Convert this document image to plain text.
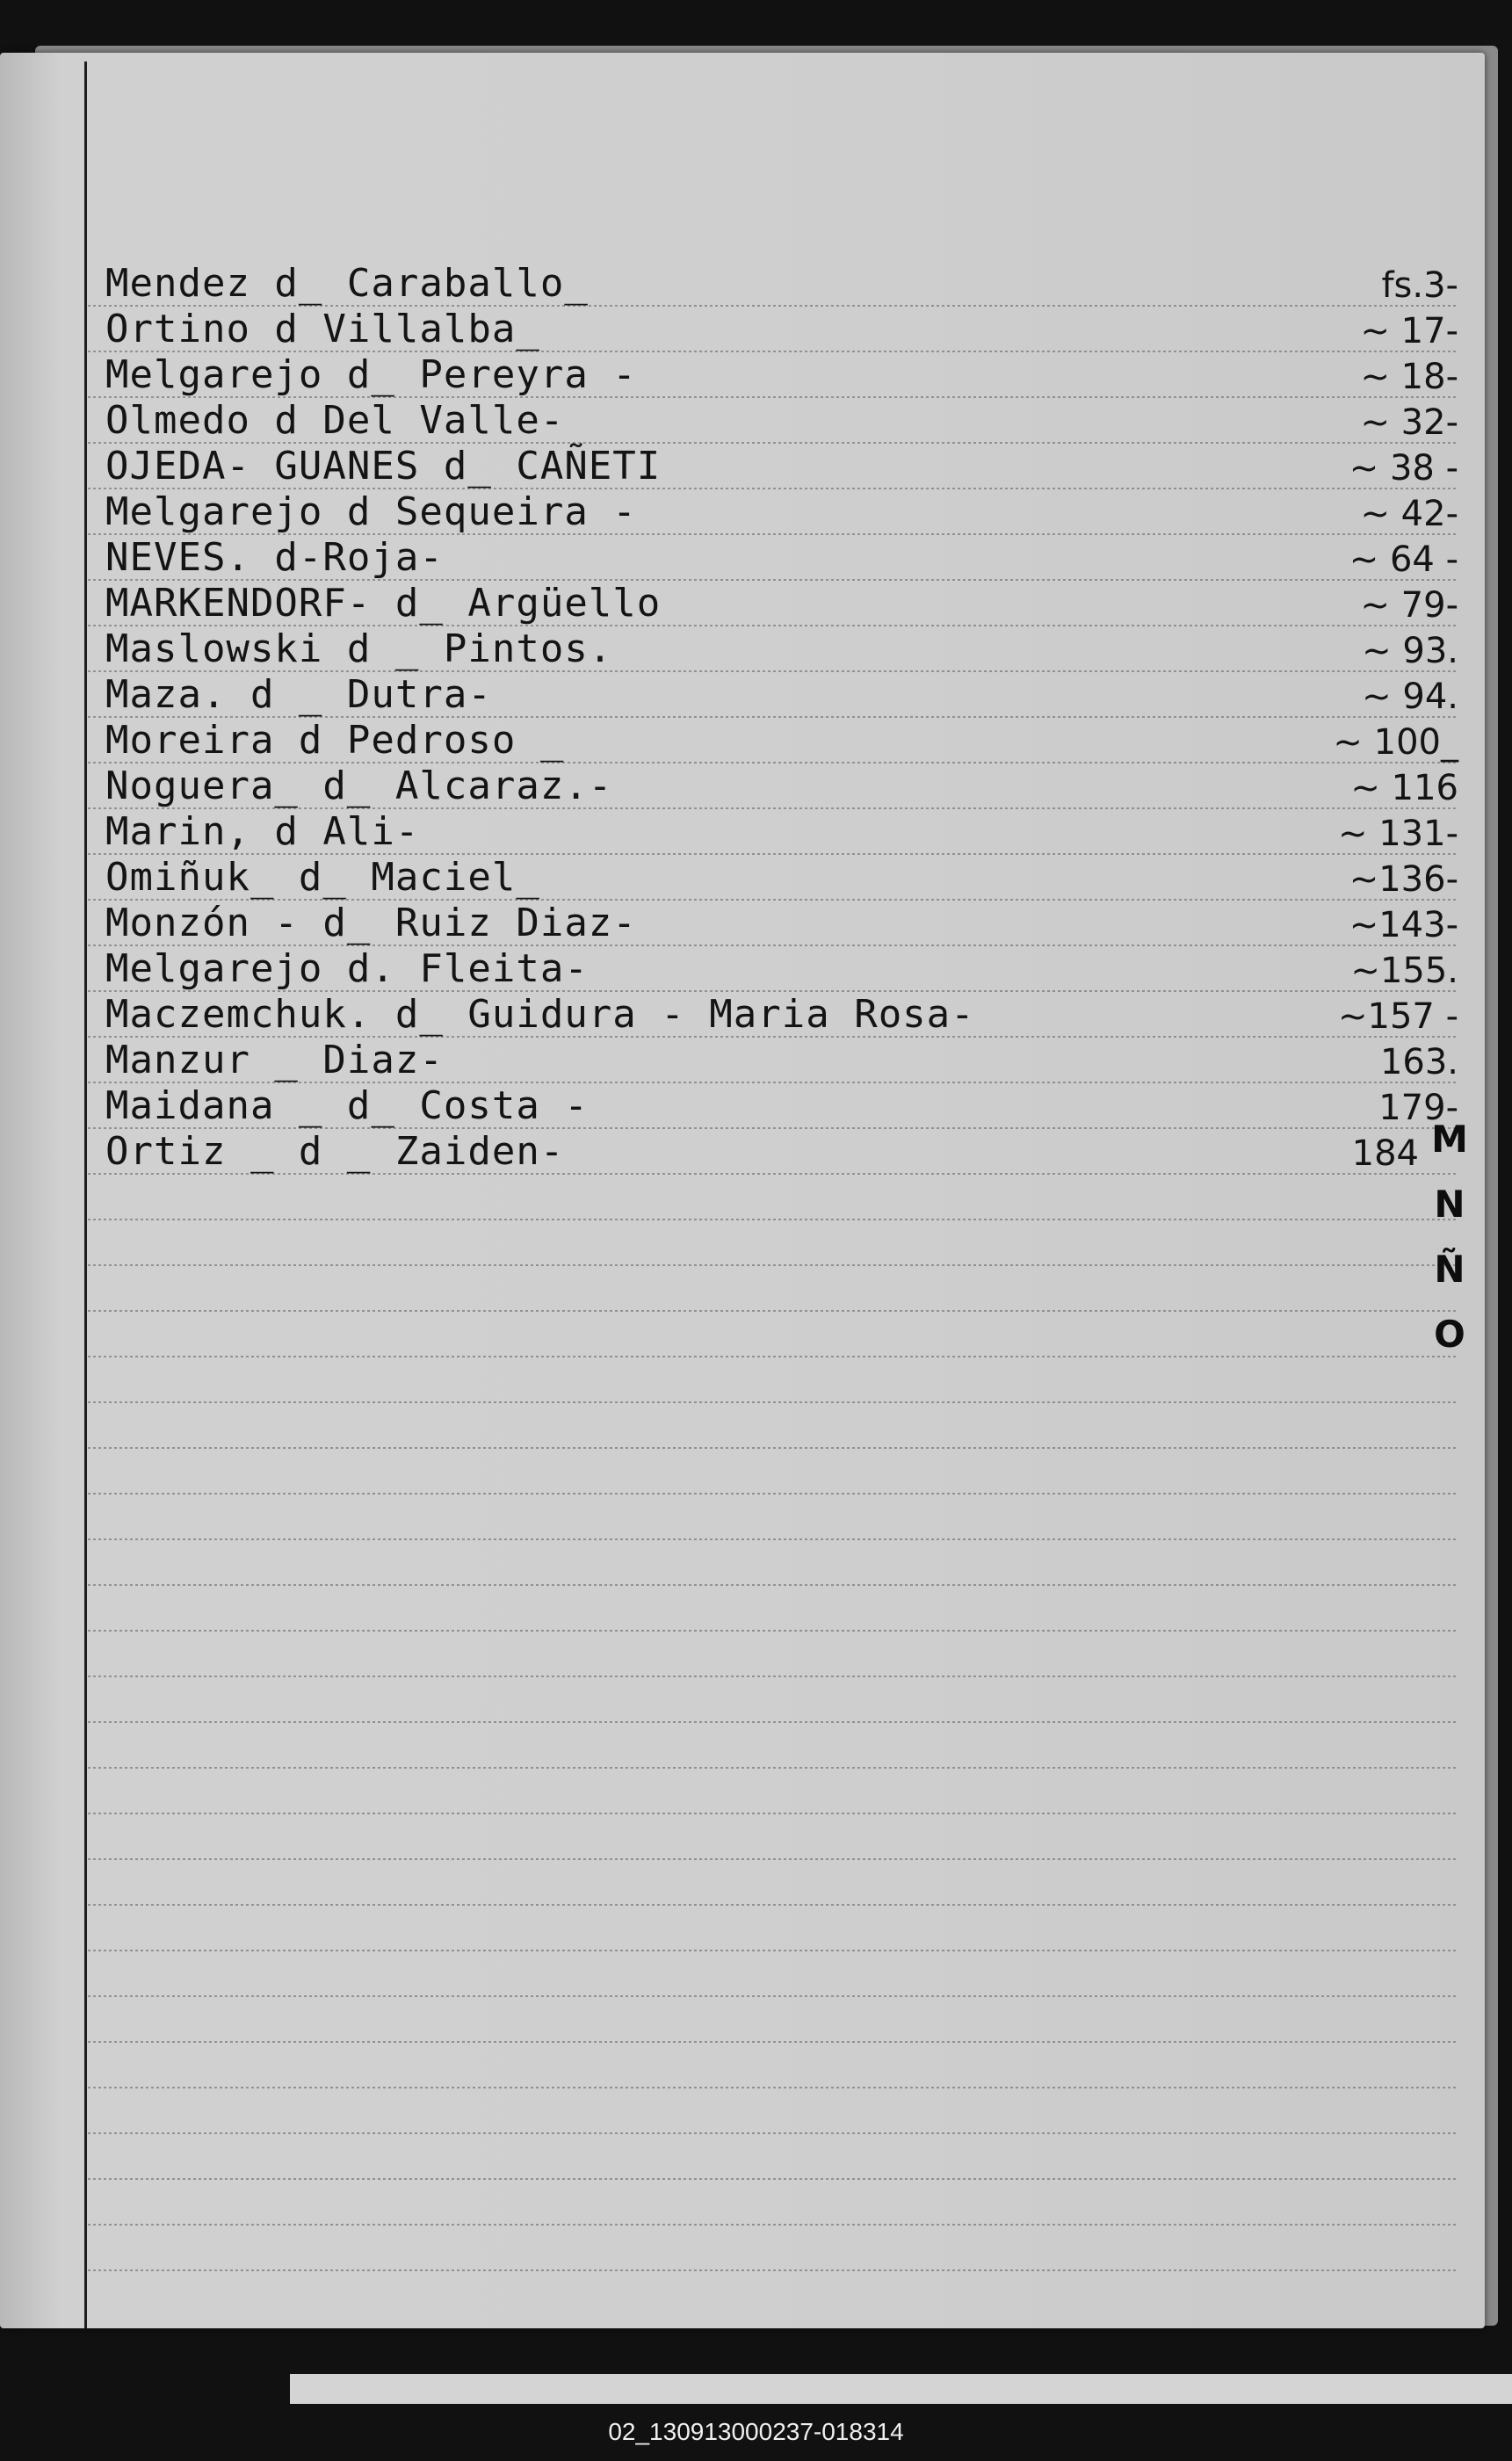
Mendez d_ Caraballo_	fs.3-
Ortino d Villalba_	~ 17-
Melgarejo d_ Pereyra -	~ 18-
Olmedo d Del Valle-	~ 32-
OJEDA- GUANES d_ CAÑETI	~ 38 -
Melgarejo d Sequeira -	~ 42-
NEVES. d-Roja-	~ 64 -
MARKENDORF- d_ Argüello	~ 79-
Maslowski d _ Pintos.	~ 93.
Maza. d _ Dutra-	~ 94.
Moreira d Pedroso _	~ 100_
Noguera_ d_ Alcaraz.-	~ 116
Marin, d Ali-	~ 131-
Omiñuk_ d_ Maciel_	~136-
Monzón - d_ Ruiz Diaz-	~143-
Melgarejo d. Fleita-	~155.
Maczemchuk. d_ Guidura - Maria Rosa-	~157 -
Manzur _ Diaz-	163.
Maidana _ d_ Costa -	179-
Ortiz _ d _ Zaiden-	184 M
N
Ñ
O
02_130913000237-018314
